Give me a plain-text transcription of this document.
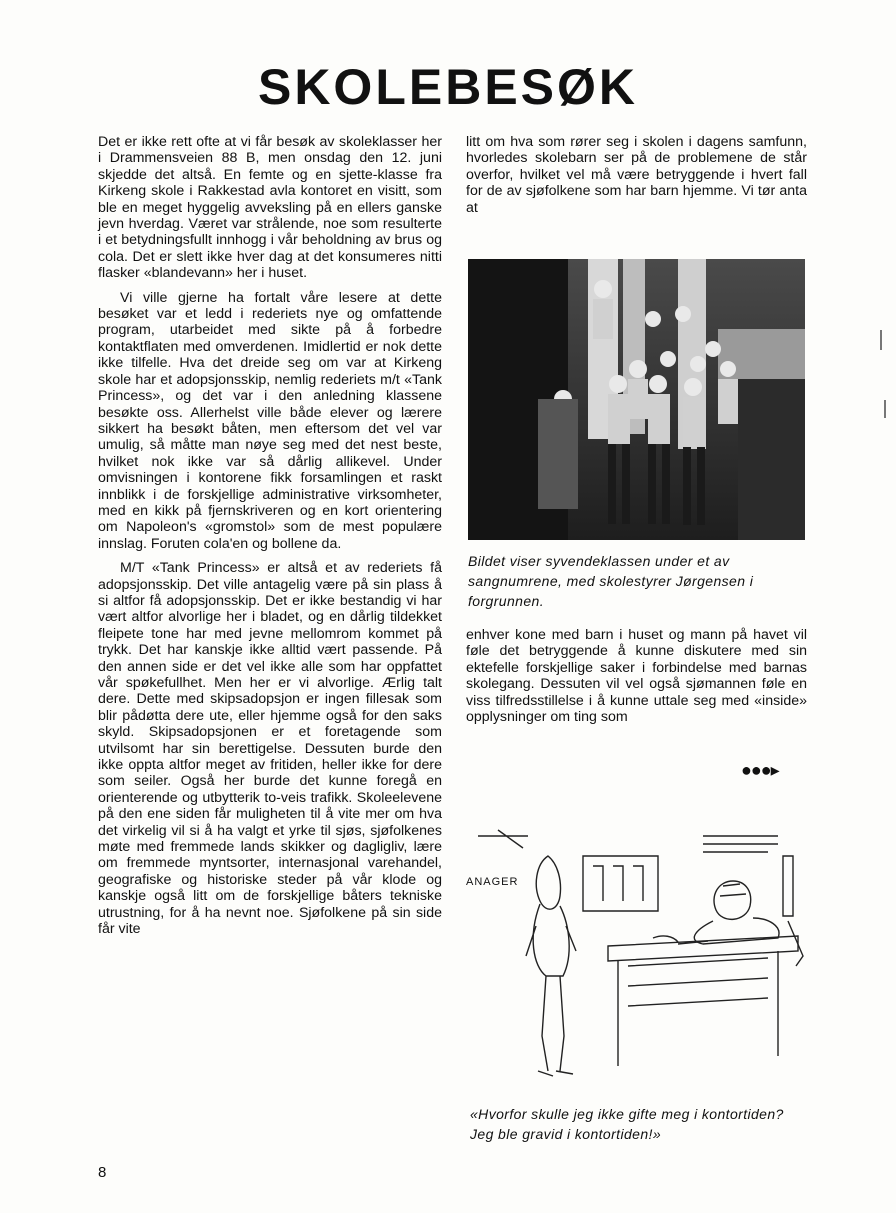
SKOLEBESØK

Det er ikke rett ofte at vi får besøk av skoleklasser her i Drammensveien 88 B, men onsdag den 12. juni skjedde det altså. En femte og en sjette-klasse fra Kirkeng skole i Rakkestad avla kontoret en visitt, som ble en meget hyggelig avveksling på en ellers ganske jevn hverdag. Været var strålende, noe som resulterte i et betydningsfullt innhogg i vår beholdning av brus og cola. Det er slett ikke hver dag at det konsumeres nitti flasker «blandevann» her i huset.

Vi ville gjerne ha fortalt våre lesere at dette besøket var et ledd i rederiets nye og omfattende program, utarbeidet med sikte på å forbedre kontaktflaten med omverdenen. Imidlertid er nok dette ikke tilfelle. Hva det dreide seg om var at Kirkeng skole har et adopsjonsskip, nemlig rederiets m/t «Tank Princess», og det var i den anledning klassene besøkte oss. Allerhelst ville både elever og lærere sikkert ha besøkt båten, men eftersom det vel var umulig, så måtte man nøye seg med det nest beste, hvilket nok ikke var så dårlig allikevel. Under omvisningen i kontorene fikk forsamlingen et raskt innblikk i de forskjellige administrative virksomheter, med en kikk på fjernskriveren og en kort orientering om Napoleon's «gromstol» som de mest populære innslag. Foruten cola'en og bollene da.

M/T «Tank Princess» er altså et av rederiets få adopsjonsskip. Det ville antagelig være på sin plass å si altfor få adopsjonsskip. Det er ikke bestandig vi har vært altfor alvorlige her i bladet, og en dårlig tildekket fleipete tone har med jevne mellomrom kommet på trykk. Det har kanskje ikke alltid vært passende. På den annen side er det vel ikke alle som har oppfattet vår spøkefullhet. Men her er vi alvorlige. Ærlig talt dere. Dette med skipsadopsjon er ingen fillesak som blir pådøtta dere ute, eller hjemme også for den saks skyld. Skipsadopsjonen er et foretagende som utvilsomt har sin berettigelse. Dessuten burde den ikke oppta altfor meget av fritiden, heller ikke for dere som seiler. Også her burde det kunne foregå en orienterende og utbytterik to-veis trafikk. Skoleelevene på den ene siden får muligheten til å vite mer om hva det virkelig vil si å ha valgt et yrke til sjøs, sjøfolkenes møte med fremmede lands skikker og dagligliv, lære om fremmede myntsorter, internasjonal varehandel, geografiske og historiske steder på vår klode og kanskje også litt om de forskjellige båters tekniske utrustning, for å ha nevnt noe. Sjøfolkene på sin side får vite

litt om hva som rører seg i skolen i dagens samfunn, hvorledes skolebarn ser på de problemene de står overfor, hvilket vel må være betryggende i hvert fall for de av sjøfolkene som har barn hjemme. Vi tør anta at

Bildet viser syvendeklassen under et av sangnumrene, med skolestyrer Jørgensen i forgrunnen.

enhver kone med barn i huset og mann på havet vil føle det betryggende å kunne diskutere med sin ektefelle forskjellige saker i forbindelse med barnas skolegang. Dessuten vil vel også sjømannen føle en viss tilfredsstillelse i å kunne uttale seg med «inside» opplysninger om ting som

●●●▸
ANAGER
«Hvorfor skulle jeg ikke gifte meg i kontortiden? Jeg ble gravid i kontortiden!»
8
